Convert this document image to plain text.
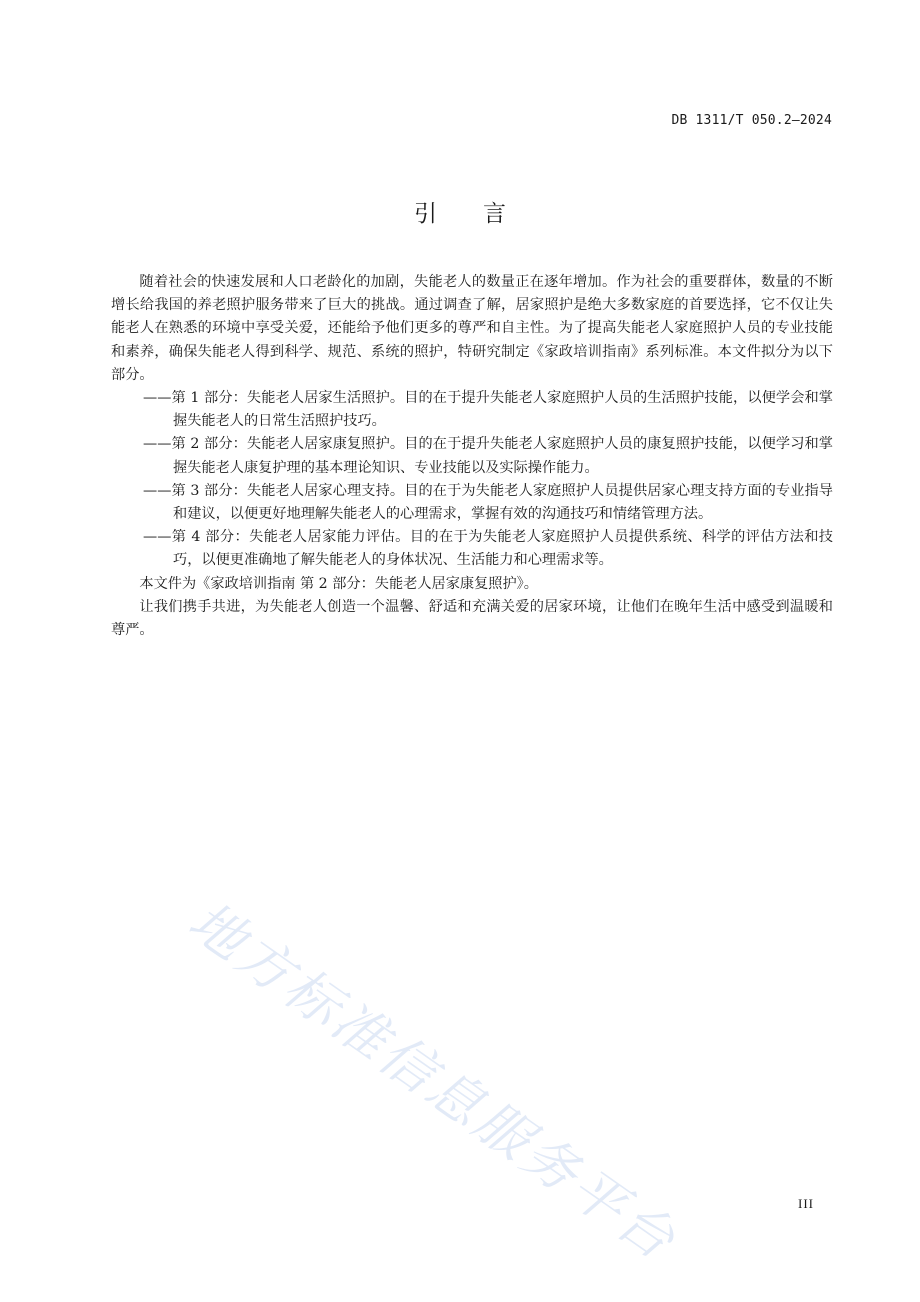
DB 1311/T 050.2—2024
引 言

随着社会的快速发展和人口老龄化的加剧，失能老人的数量正在逐年增加。作为社会的重要群体，数量的不断增长给我国的养老照护服务带来了巨大的挑战。通过调查了解，居家照护是绝大多数家庭的首要选择，它不仅让失能老人在熟悉的环境中享受关爱，还能给予他们更多的尊严和自主性。为了提高失能老人家庭照护人员的专业技能和素养，确保失能老人得到科学、规范、系统的照护，特研究制定《家政培训指南》系列标准。本文件拟分为以下部分。

——第 1 部分：失能老人居家生活照护。目的在于提升失能老人家庭照护人员的生活照护技能，以便学会和掌握失能老人的日常生活照护技巧。

——第 2 部分：失能老人居家康复照护。目的在于提升失能老人家庭照护人员的康复照护技能，以便学习和掌握失能老人康复护理的基本理论知识、专业技能以及实际操作能力。

——第 3 部分：失能老人居家心理支持。目的在于为失能老人家庭照护人员提供居家心理支持方面的专业指导和建议，以便更好地理解失能老人的心理需求，掌握有效的沟通技巧和情绪管理方法。

——第 4 部分：失能老人居家能力评估。目的在于为失能老人家庭照护人员提供系统、科学的评估方法和技巧，以便更准确地了解失能老人的身体状况、生活能力和心理需求等。

本文件为《家政培训指南 第 2 部分：失能老人居家康复照护》。

让我们携手共进，为失能老人创造一个温馨、舒适和充满关爱的居家环境，让他们在晚年生活中感受到温暖和尊严。

地方标准信息服务平台	III
